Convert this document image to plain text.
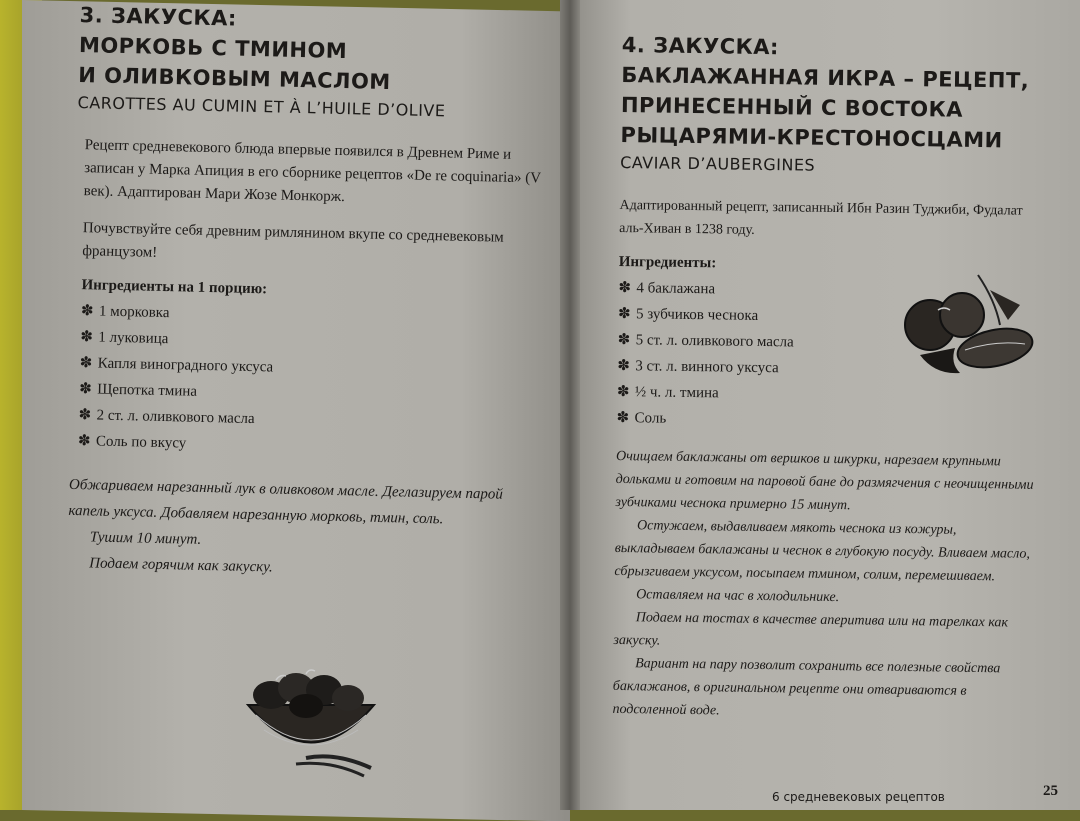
3. ЗАКУСКА:
МОРКОВЬ С ТМИНОМ
И ОЛИВКОВЫМ МАСЛОМ

CAROTTES AU CUMIN ET À L’HUILE D’OLIVE

Рецепт средневекового блюда впервые появился в Древнем Риме и записан у Марка Апиция в его сборнике рецептов «De re coquinaria» (V век). Адаптирован Мари Жозе Монкорж.

Почувствуйте себя древним римлянином вкупе со средневековым французом!

Ингредиенты на 1 порцию:

✽ 1 морковка
✽ 1 луковица
✽ Капля виноградного уксуса
✽ Щепотка тмина
✽ 2 ст. л. оливкового масла
✽ Соль по вкусу

Обжариваем нарезанный лук в оливковом масле. Деглазируем парой капель уксуса. Добавляем нарезанную морковь, тмин, соль.

Тушим 10 минут.

Подаем горячим как закуску.

4. ЗАКУСКА:
БАКЛАЖАННАЯ ИКРА – РЕЦЕПТ,
ПРИНЕСЕННЫЙ С ВОСТОКА
РЫЦАРЯМИ-КРЕСТОНОСЦАМИ

CAVIAR D’AUBERGINES

Адаптированный рецепт, записанный Ибн Разин Туджиби, Фудалат аль-Хиван в 1238 году.

Ингредиенты:

✽ 4 баклажана
✽ 5 зубчиков чеснока
✽ 5 ст. л. оливкового масла
✽ 3 ст. л. винного уксуса
✽ ½ ч. л. тмина
✽ Соль

Очищаем баклажаны от вершков и шкурки, нарезаем крупными дольками и готовим на паровой бане до размягчения с неочищенными зубчиками чеснока примерно 15 минут.

Остужаем, выдавливаем мякоть чеснока из кожуры, выкладываем баклажаны и чеснок в глубокую посуду. Вливаем масло, сбрызгиваем уксусом, посыпаем тмином, солим, перемешиваем.

Оставляем на час в холодильнике.

Подаем на тостах в качестве аперитива или на тарелках как закуску.

Вариант на пару позволит сохранить все полезные свойства баклажанов, в оригинальном рецепте они отвариваются в подсоленной воде.

6 средневековых рецептов	25
